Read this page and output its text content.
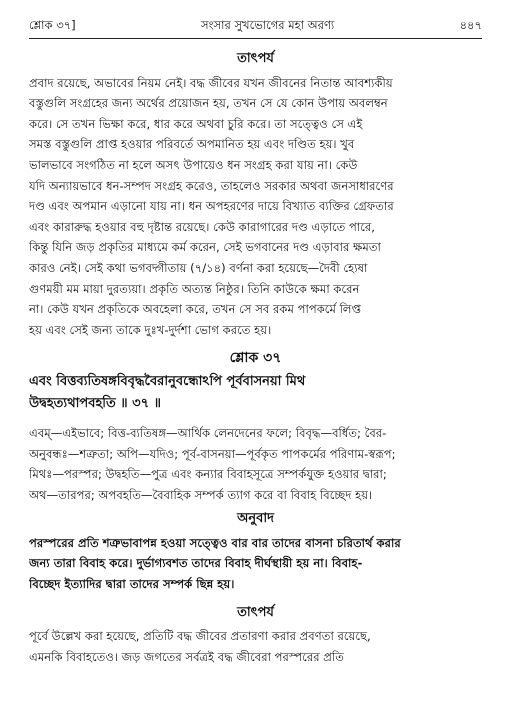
শ্লোক ৩৭]	সংসার সুখভোগের মহা অরণ্য	৪৪৭
তাৎপর্য
প্রবাদ রয়েছে, অভাবের নিয়ম নেই। বদ্ধ জীবের যখন জীবনের নিতান্ত আবশ্যকীয়
বস্তুগুলি সংগ্রহের জন্য অর্থের প্রয়োজন হয়, তখন সে যে কোন উপায় অবলম্বন
করে। সে তখন ভিক্ষা করে, ধার করে অথবা চুরি করে। তা সত্ত্বেও সে এই
সমস্ত বস্তুগুলি প্রাপ্ত হওয়ার পরিবর্তে অপমানিত হয় এবং দণ্ডিত হয়। খুব
ভালভাবে সংগঠিত না হলে অসৎ উপায়েও ধন সংগ্রহ করা যায় না। কেউ
যদি অন্যায়ভাবে ধন-সম্পদ সংগ্রহ করেও, তাহলেও সরকার অথবা জনসাধারণের
দণ্ড এবং অপমান এড়ানো যায় না। ধন অপহরণের দায়ে বিখ্যাত ব্যক্তির গ্রেফতার
এবং কারারুদ্ধ হওয়ার বহু দৃষ্টান্ত রয়েছে। কেউ কারাগারের দণ্ড এড়াতে পারে,
কিন্তু যিনি জড় প্রকৃতির মাধ্যমে কর্ম করেন, সেই ভগবানের দণ্ড এড়াবার ক্ষমতা
কারও নেই। সেই কথা ভগবদ্গীতায় (৭/১৪) বর্ণনা করা হয়েছে—দৈবী হ্যেষা
গুণময়ী মম মায়া দুরত্যয়া। প্রকৃতি অত্যন্ত নিষ্ঠুর। তিনি কাউকে ক্ষমা করেন
না। কেউ যখন প্রকৃতিকে অবহেলা করে, তখন সে সব রকম পাপকর্মে লিপ্ত
হয় এবং সেই জন্য তাকে দুঃখ-দুর্দশা ভোগ করতে হয়।
শ্লোক ৩৭
এবং বিত্তব্যতিষঙ্গবিবৃদ্ধবৈরানুবন্ধোঽপি পূর্ববাসনয়া মিথ
উদ্বহত্যথাপবহতি ॥ ৩৭ ॥
এবম্—এইভাবে; বিত্ত-ব্যতিষঙ্গ—আর্থিক লেনদেনের ফলে; বিবৃদ্ধ—বর্ধিত; বৈর-
অনুবন্ধঃ—শত্রুতা; অপি—যদিও; পূর্ব-বাসনয়া—পূর্বকৃত পাপকর্মের পরিণাম-স্বরূপ;
মিথঃ—পরস্পর; উদ্বহতি—পুত্র এবং কন্যার বিবাহসূত্রে সম্পর্কযুক্ত হওয়ার দ্বারা;
অথ—তারপর; অপবহতি—বৈবাহিক সম্পর্ক ত্যাগ করে বা বিবাহ বিচ্ছেদ হয়।
অনুবাদ
পরস্পরের প্রতি শত্রুভাবাপন্ন হওয়া সত্ত্বেও বার বার তাদের বাসনা চরিতার্থ করার
জন্য তারা বিবাহ করে। দুর্ভাগ্যবশত তাদের বিবাহ দীর্ঘস্থায়ী হয় না। বিবাহ-
বিচ্ছেদ ইত্যাদির দ্বারা তাদের সম্পর্ক ছিন্ন হয়।
তাৎপর্য
পূর্বে উল্লেখ করা হয়েছে, প্রতিটি বদ্ধ জীবের প্রতারণা করার প্রবণতা রয়েছে,
এমনকি বিবাহতেও। জড় জগতের সর্বত্রই বদ্ধ জীবেরা পরস্পরের প্রতি
